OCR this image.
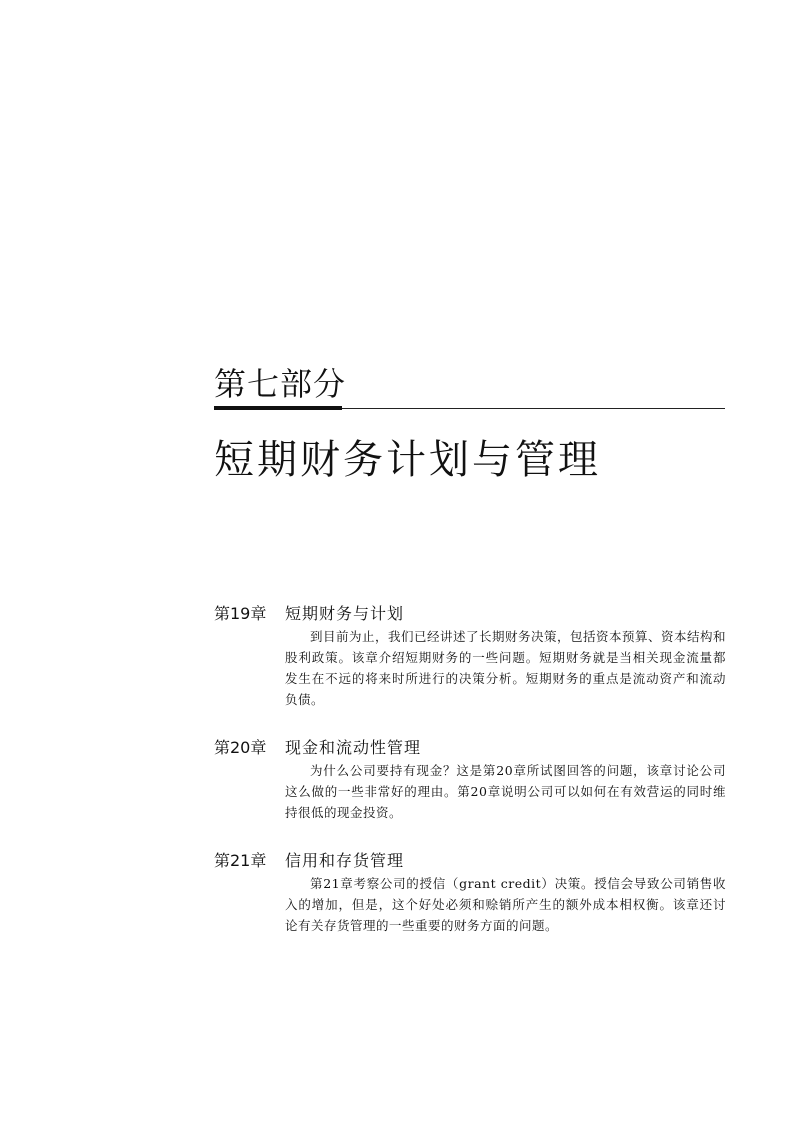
第七部分
短期财务计划与管理
第19章	短期财务与计划

到目前为止，我们已经讲述了长期财务决策，包括资本预算、资本结构和股利政策。该章介绍短期财务的一些问题。短期财务就是当相关现金流量都发生在不远的将来时所进行的决策分析。短期财务的重点是流动资产和流动负债。

第20章	现金和流动性管理

为什么公司要持有现金？这是第20章所试图回答的问题，该章讨论公司这么做的一些非常好的理由。第20章说明公司可以如何在有效营运的同时维持很低的现金投资。

第21章	信用和存货管理

第21章考察公司的授信（grant credit）决策。授信会导致公司销售收入的增加，但是，这个好处必须和赊销所产生的额外成本相权衡。该章还讨论有关存货管理的一些重要的财务方面的问题。
